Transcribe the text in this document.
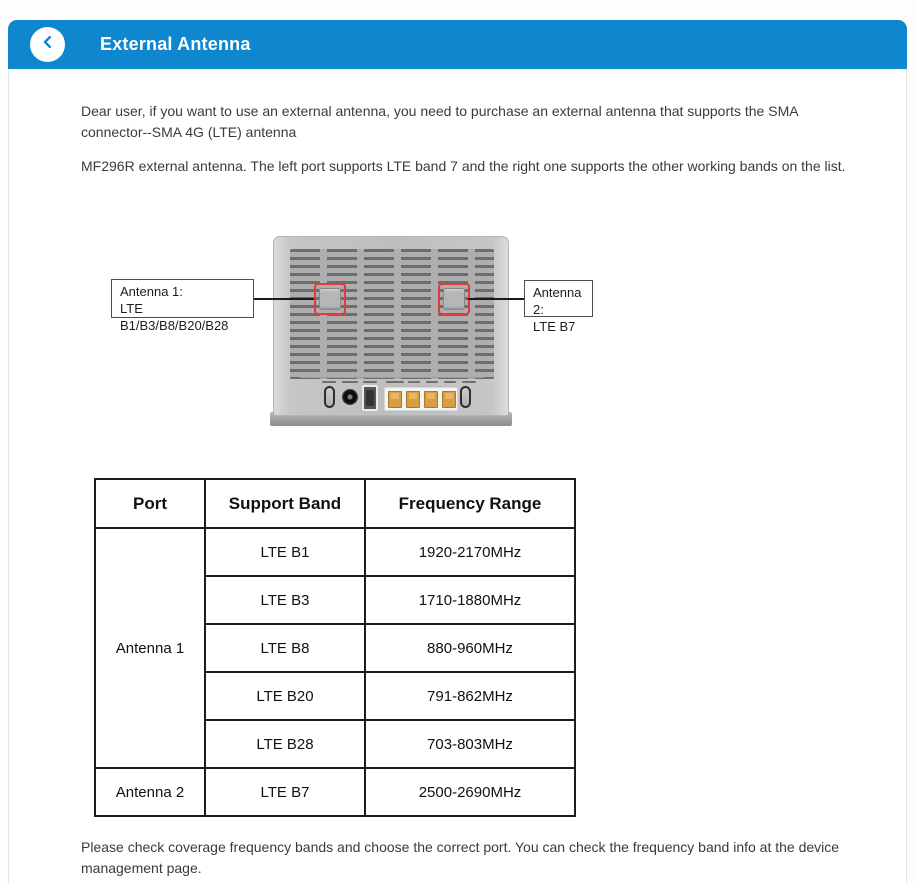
External Antenna

Dear user, if you want to use an external antenna, you need to purchase an external antenna that supports the SMA connector--SMA 4G (LTE) antenna

MF296R external antenna. The left port supports LTE band 7 and the right one supports the other working bands on the list.

Antenna 1:
LTE B1/B3/B8/B20/B28
Antenna 2:
LTE B7
Port	Support Band	Frequency Range
Antenna 1	LTE B1	1920-2170MHz
	LTE B3	1710-1880MHz
	LTE B8	880-960MHz
	LTE B20	791-862MHz
	LTE B28	703-803MHz
Antenna 2	LTE B7	2500-2690MHz

Please check coverage frequency bands and choose the correct port. You can check the frequency band info at the device management page.
